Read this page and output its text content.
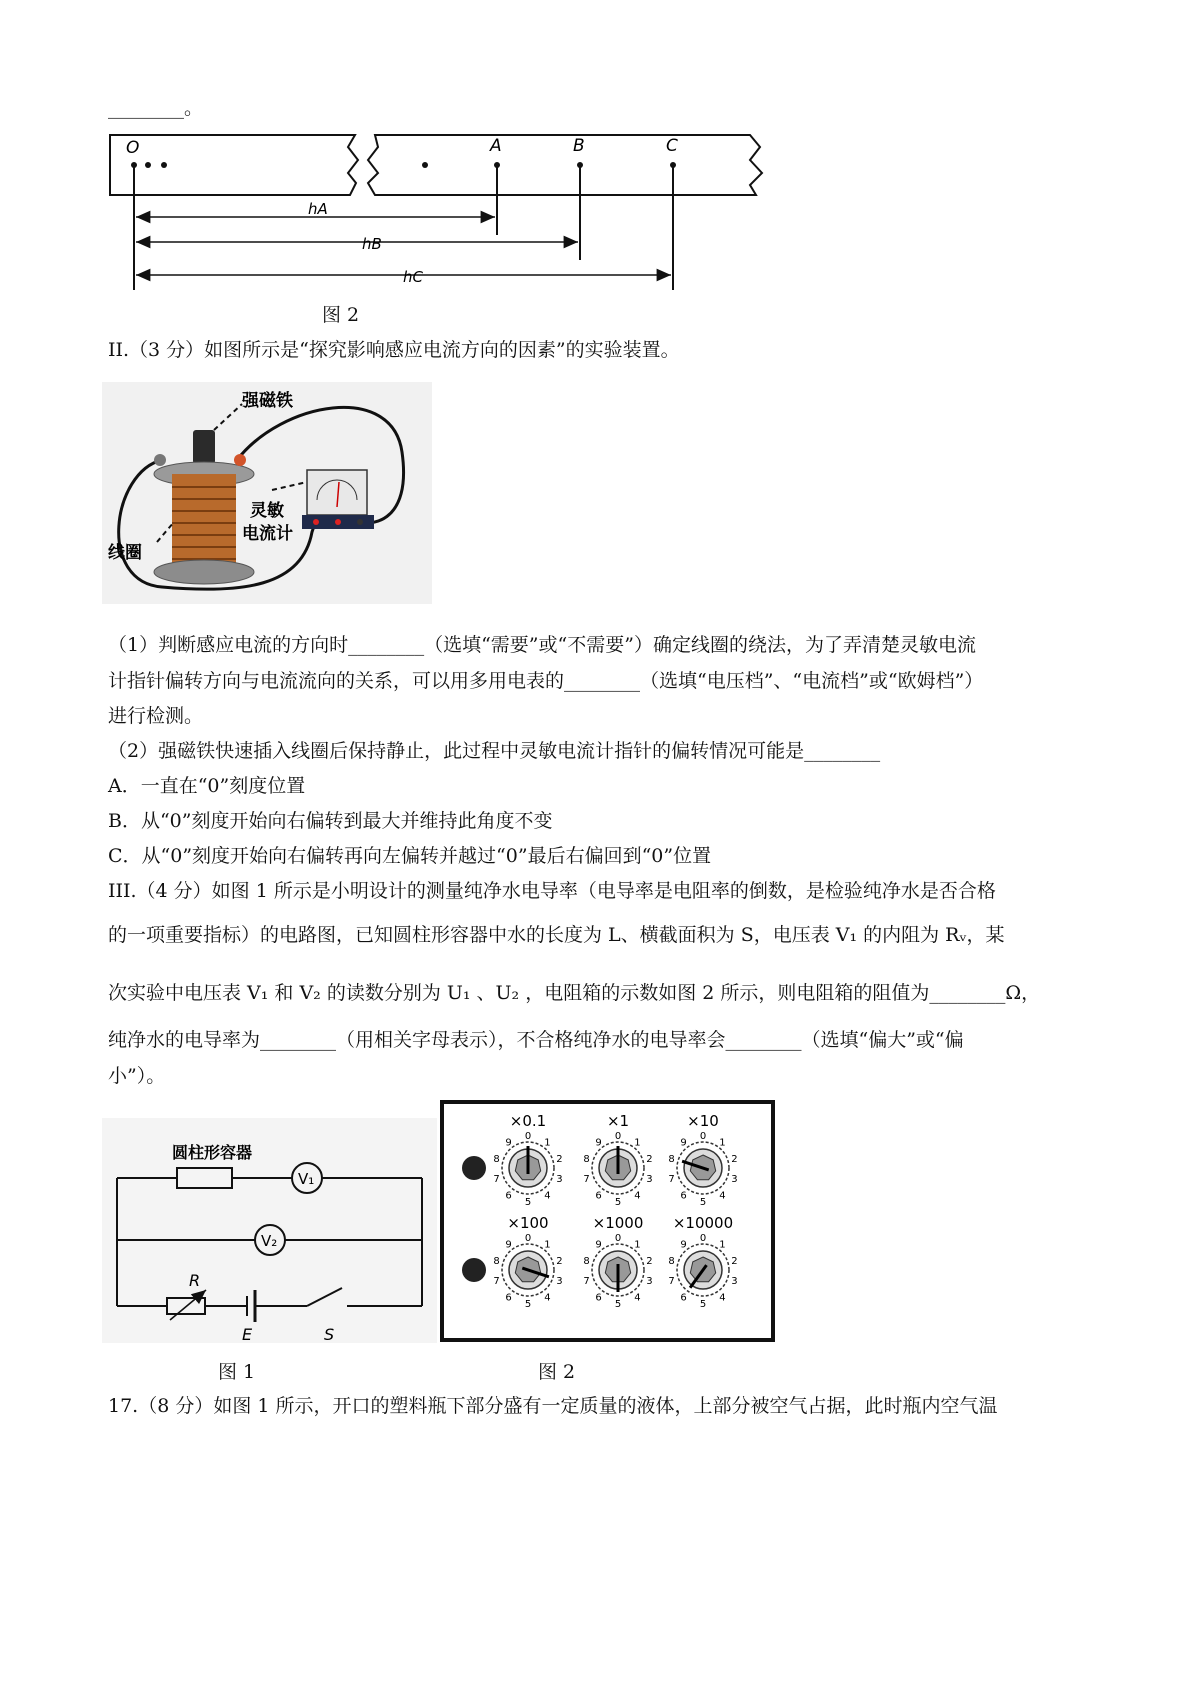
________。
O	A	B	C
hA
hB
hC
图 2
II.（3 分）如图所示是“探究影响感应电流方向的因素”的实验装置。
强磁铁
线圈
灵敏
电流计
（1）判断感应电流的方向时________（选填“需要”或“不需要”）确定线圈的绕法，为了弄清楚灵敏电流
计指针偏转方向与电流流向的关系，可以用多用电表的________（选填“电压档”、“电流档”或“欧姆档”）
进行检测。
（2）强磁铁快速插入线圈后保持静止，此过程中灵敏电流计指针的偏转情况可能是________
A．一直在“0”刻度位置
B．从“0”刻度开始向右偏转到最大并维持此角度不变
C．从“0”刻度开始向右偏转再向左偏转并越过“0”最后右偏回到“0”位置
III.（4 分）如图 1 所示是小明设计的测量纯净水电导率（电导率是电阻率的倒数，是检验纯净水是否合格
的一项重要指标）的电路图，已知圆柱形容器中水的长度为 L、横截面积为 S，电压表 V₁ 的内阻为 Rᵥ，某
次实验中电压表 V₁ 和 V₂ 的读数分别为 U₁ 、U₂ ，电阻箱的示数如图 2 所示，则电阻箱的阻值为________Ω，
纯净水的电导率为________（用相关字母表示），不合格纯净水的电导率会________（选填“偏大”或“偏
小”）。
圆柱形容器
V₁
V₂
R
E	S
×0.1
0
1
2
3
4
5
6
7
8
9
×1
0
1
2
3
4
5
6
7
8
9
×10
0
1
2
3
4
5
6
7
8
9
×100
0
1
2
3
4
5
6
7
8
9
×1000
0
1
2
3
4
5
6
7
8
9
×10000
0
1
2
3
4
5
6
7
8
9
图 1	图 2
17.（8 分）如图 1 所示，开口的塑料瓶下部分盛有一定质量的液体，上部分被空气占据，此时瓶内空气温
